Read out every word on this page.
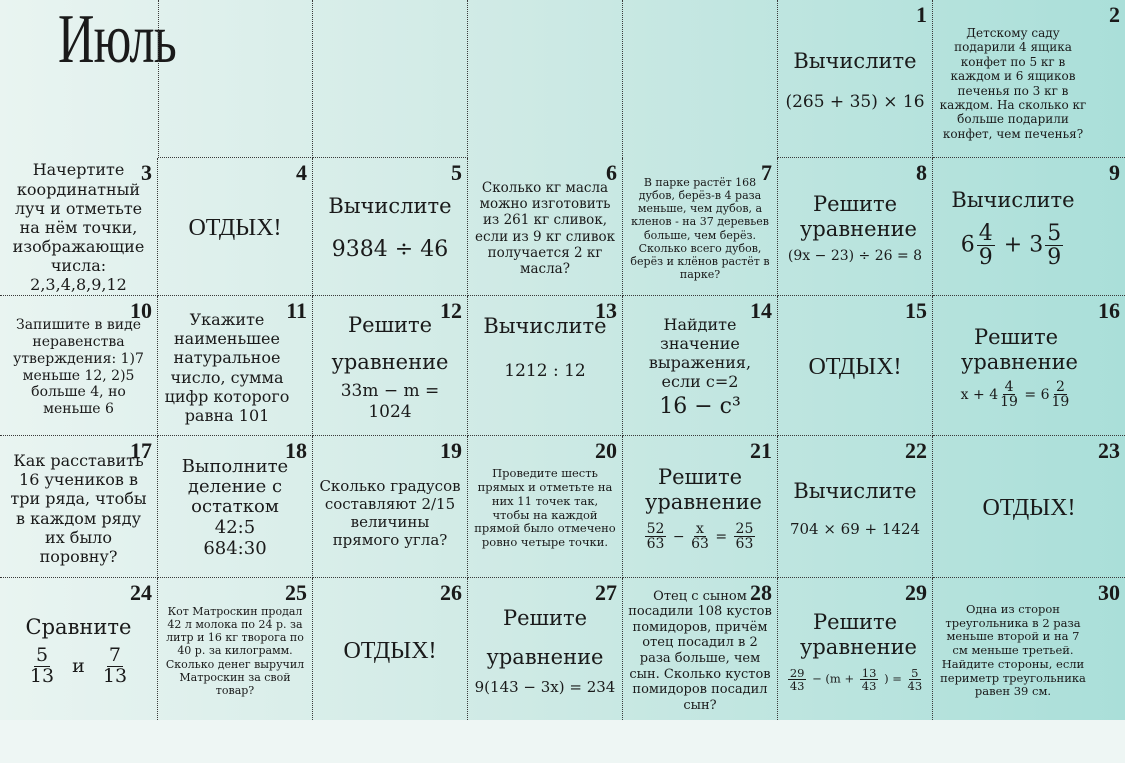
Июль	1
Вычислите
(265 + 35) × 16
2
Детскому саду подарили 4 ящика конфет по 5 кг в каждом и 6 ящиков печенья по 3 кг в каждом. На сколько кг больше подарили конфет, чем печенья?
3
Начертите координатный луч и отметьте на нём точки, изображающие числа: 2,3,4,8,9,12
4
ОТДЫХ!
5
Вычислите
9384 ÷ 46
6
Сколько кг масла можно изготовить из 261 кг сливок, если из 9 кг сливок получается 2 кг масла?
7
В парке растёт 168 дубов, берёз-в 4 раза меньше, чем дубов, а кленов - на 37 деревьев больше, чем берёз. Сколько всего дубов, берёз и клёнов растёт в парке?
8
Решите уравнение
(9x − 23) ÷ 26 = 8
9
Вычислите
$6 \frac{4}{9} + 3 \frac{5}{9}$
10
Запишите в виде неравенства утверждения: 1)7 меньше 12, 2)5 больше 4, но меньше 6
11
Укажите наименьшее натуральное число, сумма цифр которого равна 101
12
Решите
уравнение
33m − m = 1024
13
Вычислите
1212 : 12
14
Найдите значение выражения, если с=2
16 − c³
15
ОТДЫХ!
16
Решите уравнение
$x + 4 \frac{4}{19} = 6 \frac{2}{19}$
17
Как расставить 16 учеников в три ряда, чтобы в каждом ряду их было поровну?
18
Выполните деление с остатком
42:5
684:30
19
Сколько градусов составляют 2/15 величины прямого угла?
20
Проведите шесть прямых и отметьте на них 11 точек так, чтобы на каждой прямой было отмечено ровно четыре точки.
21
Решите уравнение
$\frac{52}{63} - \frac{x}{63} = \frac{25}{63}$
22
Вычислите
704 × 69 + 1424
23
ОТДЫХ!
24
Сравните
$\frac{5}{13}$ и $\frac{7}{13}$
25
Кот Матроскин продал 42 л молока по 24 р. за литр и 16 кг творога по 40 р. за килограмм. Сколько денег выручил Матроскин за свой товар?
26
ОТДЫХ!
27
Решите
уравнение
9(143 − 3x) = 234
28
Отец с сыном посадили 108 кустов помидоров, причём отец посадил в 2 раза больше, чем сын. Сколько кустов помидоров посадил сын?
29
Решите уравнение
$\frac{29}{43} - (m + \frac{13}{43}$ ) = $\frac{5}{43}$
30
Одна из сторон треугольника в 2 раза меньше второй и на 7 см меньше третьей. Найдите стороны, если периметр треугольника равен 39 см.
